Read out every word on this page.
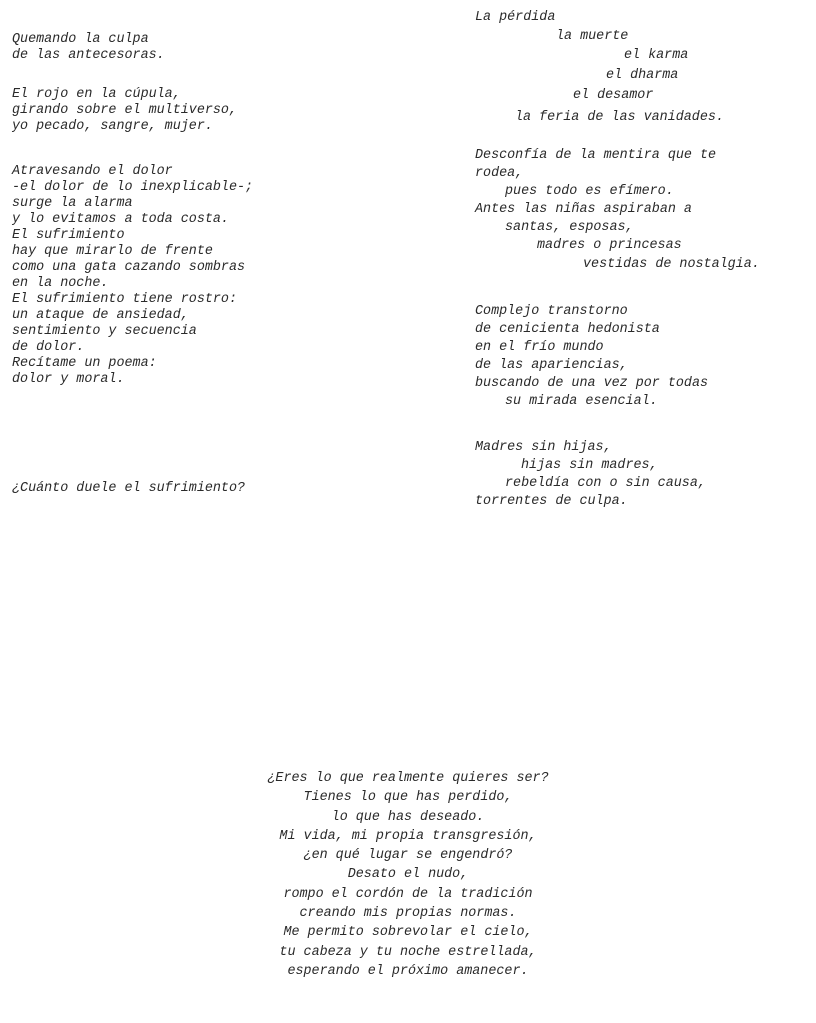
Quemando la culpa
de las antecesoras.
El rojo en la cúpula,
girando sobre el multiverso,
yo pecado, sangre, mujer.
Atravesando el dolor
-el dolor de lo inexplicable-;
surge la alarma
y lo evitamos a toda costa.
El sufrimiento
hay que mirarlo de frente
como una gata cazando sombras
en la noche.
El sufrimiento tiene rostro:
un ataque de ansiedad,
sentimiento y secuencia
de dolor.
Recítame un poema:
dolor y moral.
¿Cuánto duele el sufrimiento?
La pérdida
la muerte
el karma
el dharma
el desamor
la feria de las vanidades.
Desconfía de la mentira que te
rodea,
pues todo es efímero.
Antes las niñas aspiraban a
santas, esposas,
madres o princesas
vestidas de nostalgia.
Complejo transtorno
de cenicienta hedonista
en el frío mundo
de las apariencias,
buscando de una vez por todas
su mirada esencial.
Madres sin hijas,
hijas sin madres,
rebeldía con o sin causa,
torrentes de culpa.
¿Eres lo que realmente quieres ser?
Tienes lo que has perdido,
lo que has deseado.
Mi vida, mi propia transgresión,
¿en qué lugar se engendró?
Desato el nudo,
rompo el cordón de la tradición
creando mis propias normas.
Me permito sobrevolar el cielo,
tu cabeza y tu noche estrellada,
esperando el próximo amanecer.
